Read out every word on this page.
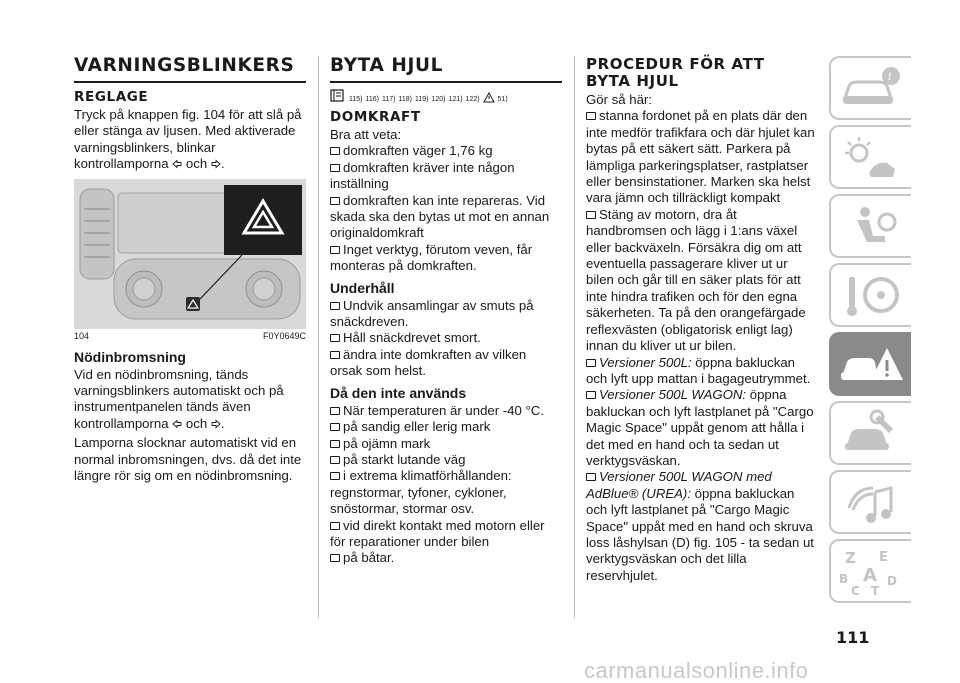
VARNINGSBLINKERS
REGLAGE

Tryck på knappen fig. 104 för att slå på eller stänga av ljusen. Med aktiverade varningsblinkers, blinkar kontrollamporna och .

104	F0Y0649C
Nödinbromsning

Vid en nödinbromsning, tänds varningsblinkers automatiskt och på instrumentpanelen tänds även kontrollamporna och .

Lamporna slocknar automatiskt vid en normal inbromsningen, dvs. då det inte längre rör sig om en nödinbromsning.

BYTA HJUL
115) 116) 117) 118) 119) 120) 121) 122)	51)
DOMKRAFT

Bra att veta:

domkraften väger 1,76 kg
domkraften kräver inte någon inställning
domkraften kan inte repareras. Vid skada ska den bytas ut mot en annan originaldomkraft
Inget verktyg, förutom veven, får monteras på domkraften.
Underhåll
Undvik ansamlingar av smuts på snäckdreven.
Håll snäckdrevet smort.
ändra inte domkraften av vilken orsak som helst.
Då den inte används
När temperaturen är under -40 °C.
på sandig eller lerig mark
på ojämn mark
på starkt lutande väg
i extrema klimatförhållanden: regnstormar, tyfoner, cykloner, snöstormar, stormar osv.
vid direkt kontakt med motorn eller för reparationer under bilen
på båtar.
PROCEDUR FÖR ATT BYTA HJUL

Gör så här:

stanna fordonet på en plats där den inte medför trafikfara och där hjulet kan bytas på ett säkert sätt. Parkera på lämpliga parkeringsplatser, rastplatser eller bensinstationer. Marken ska helst vara jämn och tillräckligt kompakt
Stäng av motorn, dra åt handbromsen och lägg i 1:ans växel eller backväxeln. Försäkra dig om att eventuella passagerare kliver ut ur bilen och går till en säker plats för att inte hindra trafiken och för den egna säkerheten. Ta på den orangefärgade reflexvästen (obligatorisk enligt lag) innan du kliver ut ur bilen.
Versioner 500L: öppna bakluckan och lyft upp mattan i bagageutrymmet.
Versioner 500L WAGON: öppna bakluckan och lyft lastplanet på "Cargo Magic Space" uppåt genom att hålla i det med en hand och ta sedan ut verktygsväskan.
Versioner 500L WAGON med AdBlue® (UREA): öppna bakluckan och lyft lastplanet på "Cargo Magic Space" uppåt med en hand och skruva loss låshylsan (D) fig. 105 - ta sedan ut verktygsväskan och det lilla reservhjulet.
i
Z E
B A D
C T
111
carmanualsonline.info
